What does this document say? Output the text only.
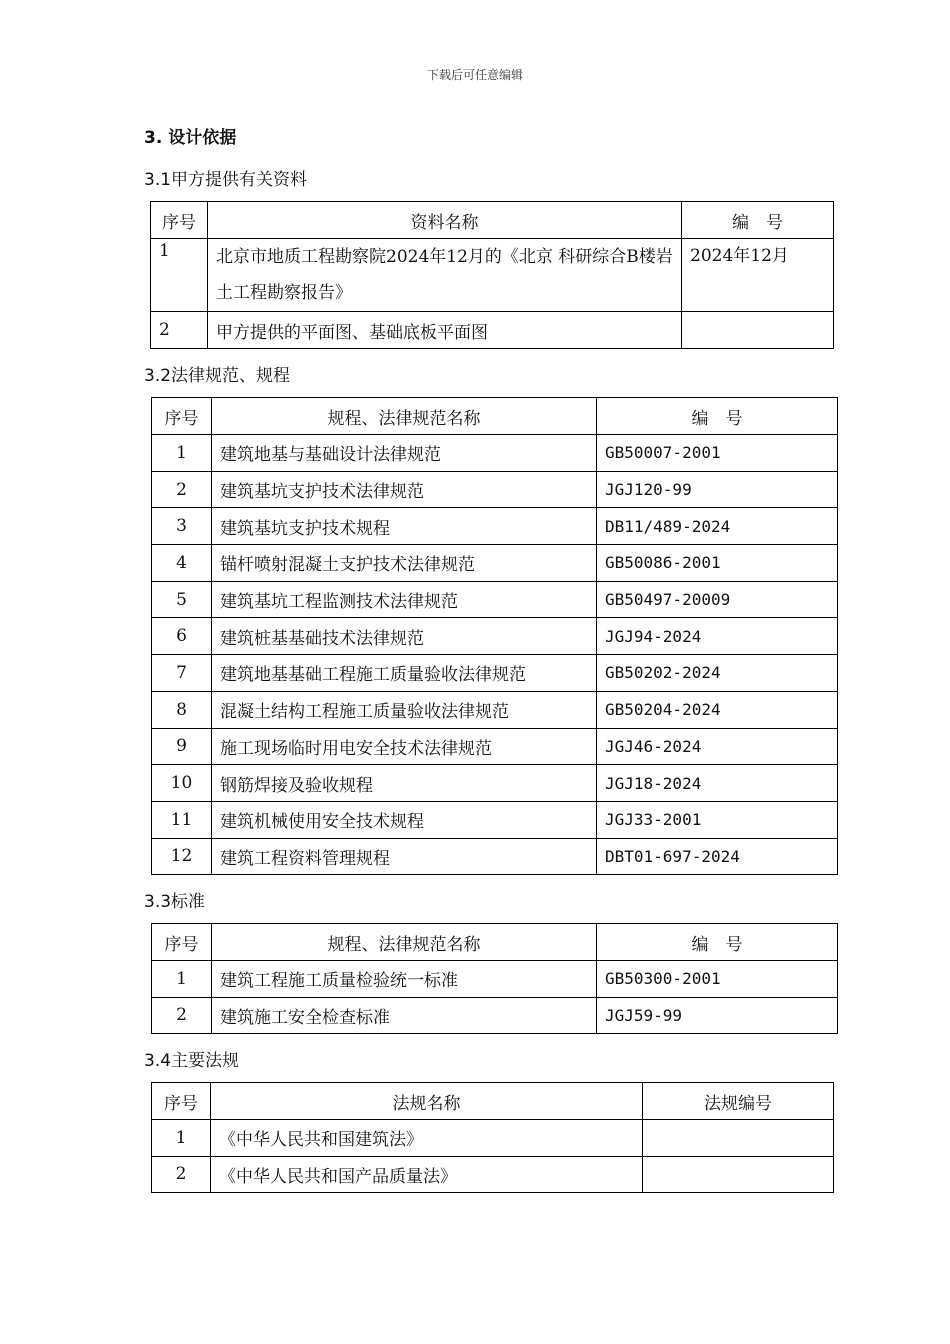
下载后可任意编辑
3. 设计依据
3.1甲方提供有关资料
序号	资料名称	编　号
1	北京市地质工程勘察院2024年12月的《北京 科研综合B楼岩土工程勘察报告》	2024年12月
2	甲方提供的平面图、基础底板平面图	
3.2法律规范、规程
序号	规程、法律规范名称	编　号
1	建筑地基与基础设计法律规范	GB50007-2001
2	建筑基坑支护技术法律规范	JGJ120-99
3	建筑基坑支护技术规程	DB11/489-2024
4	锚杆喷射混凝土支护技术法律规范	GB50086-2001
5	建筑基坑工程监测技术法律规范	GB50497-20009
6	建筑桩基基础技术法律规范	JGJ94-2024
7	建筑地基基础工程施工质量验收法律规范	GB50202-2024
8	混凝土结构工程施工质量验收法律规范	GB50204-2024
9	施工现场临时用电安全技术法律规范	JGJ46-2024
10	钢筋焊接及验收规程	JGJ18-2024
11	建筑机械使用安全技术规程	JGJ33-2001
12	建筑工程资料管理规程	DBT01-697-2024
3.3标准
序号	规程、法律规范名称	编　号
1	建筑工程施工质量检验统一标准	GB50300-2001
2	建筑施工安全检查标准	JGJ59-99
3.4主要法规
序号	法规名称	法规编号
1	《中华人民共和国建筑法》	
2	《中华人民共和国产品质量法》	
